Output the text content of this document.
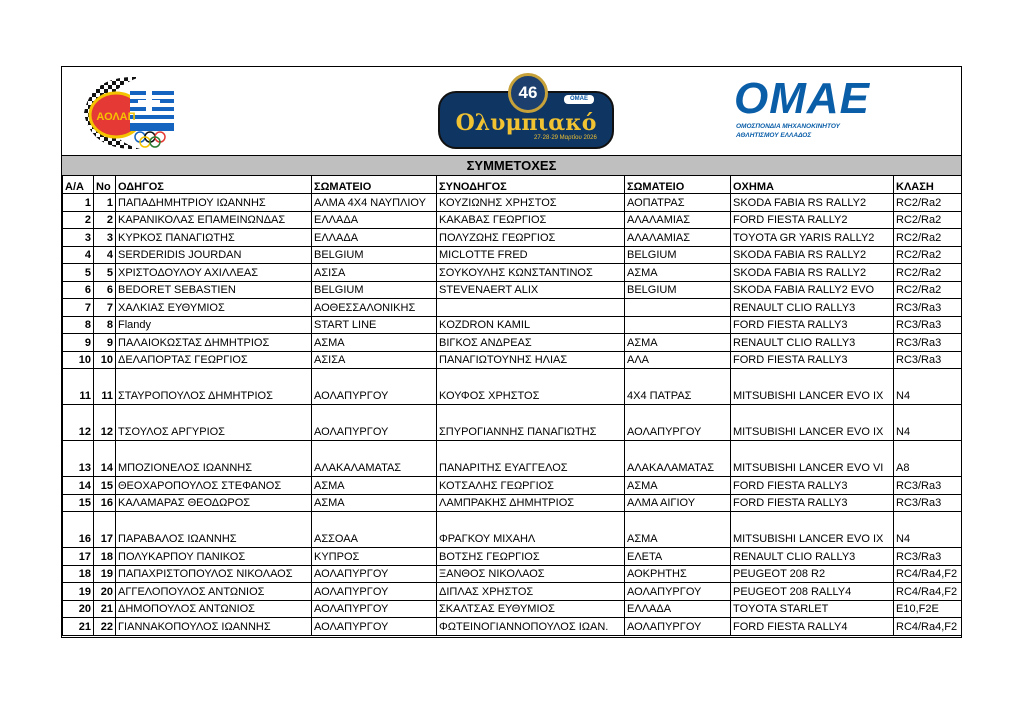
ΑΟΛΑΠ
OMAE
46
Ολυμπιακό
27·28·29 Μαρτίου 2026
OMAE
ΟΜΟΣΠΟΝΔΙΑ ΜΗΧΑΝΟΚΙΝΗΤΟΥ
ΑΘΛΗΤΙΣΜΟΥ ΕΛΛΑΔΟΣ
ΣΥΜΜΕΤΟΧΕΣ
Α/Α	No	ΟΔΗΓΟΣ	ΣΩΜΑΤΕΙΟ	ΣΥΝΟΔΗΓΟΣ	ΣΩΜΑΤΕΙΟ	ΟΧΗΜΑ	ΚΛΑΣΗ
1	1	ΠΑΠΑΔΗΜΗΤΡΙΟΥ ΙΩΑΝΝΗΣ	ΑΛΜΑ 4Χ4 ΝΑΥΠΛΙΟΥ	ΚΟΥΖΙΩΝΗΣ ΧΡΗΣΤΟΣ	ΑΟΠΑΤΡΑΣ	SKODA FABIA RS RALLY2	RC2/Ra2
2	2	ΚΑΡΑΝΙΚΟΛΑΣ ΕΠΑΜΕΙΝΩΝΔΑΣ	ΕΛΛΑΔΑ	ΚΑΚΑΒΑΣ ΓΕΩΡΓΙΟΣ	ΑΛΑΛΑΜΙΑΣ	FORD FIESTA RALLY2	RC2/Ra2
3	3	ΚΥΡΚΟΣ ΠΑΝΑΓΙΩΤΗΣ	ΕΛΛΑΔΑ	ΠΟΛΥΖΩΗΣ ΓΕΩΡΓΙΟΣ	ΑΛΑΛΑΜΙΑΣ	TOYOTA GR YARIS RALLY2	RC2/Ra2
4	4	SERDERIDIS JOURDAN	BELGIUM	MICLOTTE FRED	BELGIUM	SKODA FABIA RS RALLY2	RC2/Ra2
5	5	ΧΡΙΣΤΟΔΟΥΛΟΥ ΑΧΙΛΛΕΑΣ	ΑΣΙΣΑ	ΣΟΥΚΟΥΛΗΣ ΚΩΝΣΤΑΝΤΙΝΟΣ	ΑΣΜΑ	SKODA FABIA RS RALLY2	RC2/Ra2
6	6	BEDORET SEBASTIEN	BELGIUM	STEVENAERT ALIX	BELGIUM	SKODA FABIA RALLY2 EVO	RC2/Ra2
7	7	ΧΑΛΚΙΑΣ ΕΥΘΥΜΙΟΣ	ΑΟΘΕΣΣΑΛΟΝΙΚΗΣ			RENAULT CLIO RALLY3	RC3/Ra3
8	8	Flandy	START LINE	KOZDRON KAMIL		FORD FIESTA RALLY3	RC3/Ra3
9	9	ΠΑΛΑΙΟΚΩΣΤΑΣ ΔΗΜΗΤΡΙΟΣ	ΑΣΜΑ	ΒΙΓΚΟΣ ΑΝΔΡΕΑΣ	ΑΣΜΑ	RENAULT CLIO RALLY3	RC3/Ra3
10	10	ΔΕΛΑΠΟΡΤΑΣ ΓΕΩΡΓΙΟΣ	ΑΣΙΣΑ	ΠΑΝΑΓΙΩΤΟΥΝΗΣ ΗΛΙΑΣ	ΑΛΑ	FORD FIESTA RALLY3	RC3/Ra3
11	11	ΣΤΑΥΡΟΠΟΥΛΟΣ ΔΗΜΗΤΡΙΟΣ	ΑΟΛΑΠΥΡΓΟΥ	ΚΟΥΦΟΣ ΧΡΗΣΤΟΣ	4Χ4 ΠΑΤΡΑΣ	MITSUBISHI LANCER EVO IX	N4
12	12	ΤΣΟΥΛΟΣ ΑΡΓΥΡΙΟΣ	ΑΟΛΑΠΥΡΓΟΥ	ΣΠΥΡΟΓΙΑΝΝΗΣ ΠΑΝΑΓΙΩΤΗΣ	ΑΟΛΑΠΥΡΓΟΥ	MITSUBISHI LANCER EVO IX	N4
13	14	ΜΠΟΖΙΟΝΕΛΟΣ ΙΩΑΝΝΗΣ	ΑΛΑΚΑΛΑΜΑΤΑΣ	ΠΑΝΑΡΙΤΗΣ ΕΥΑΓΓΕΛΟΣ	ΑΛΑΚΑΛΑΜΑΤΑΣ	MITSUBISHI LANCER EVO VI	A8
14	15	ΘΕΟΧΑΡΟΠΟΥΛΟΣ ΣΤΕΦΑΝΟΣ	ΑΣΜΑ	ΚΟΤΣΑΛΗΣ ΓΕΩΡΓΙΟΣ	ΑΣΜΑ	FORD FIESTA RALLY3	RC3/Ra3
15	16	ΚΑΛΑΜΑΡΑΣ ΘΕΟΔΩΡΟΣ	ΑΣΜΑ	ΛΑΜΠΡΑΚΗΣ ΔΗΜΗΤΡΙΟΣ	ΑΛΜΑ ΑΙΓΙΟΥ	FORD FIESTA RALLY3	RC3/Ra3
16	17	ΠΑΡΑΒΑΛΟΣ ΙΩΑΝΝΗΣ	ΑΣΣΟΑΑ	ΦΡΑΓΚΟΥ ΜΙΧΑΗΛ	ΑΣΜΑ	MITSUBISHI LANCER EVO IX	N4
17	18	ΠΟΛΥΚΑΡΠΟΥ ΠΑΝΙΚΟΣ	ΚΥΠΡΟΣ	ΒΟΤΣΗΣ ΓΕΩΡΓΙΟΣ	ΕΛΕΤΑ	RENAULT CLIO RALLY3	RC3/Ra3
18	19	ΠΑΠΑΧΡΙΣΤΟΠΟΥΛΟΣ ΝΙΚΟΛΑΟΣ	ΑΟΛΑΠΥΡΓΟΥ	ΞΑΝΘΟΣ ΝΙΚΟΛΑΟΣ	ΑΟΚΡΗΤΗΣ	PEUGEOT 208 R2	RC4/Ra4,F2
19	20	ΑΓΓΕΛΟΠΟΥΛΟΣ ΑΝΤΩΝΙΟΣ	ΑΟΛΑΠΥΡΓΟΥ	ΔΙΠΛΑΣ ΧΡΗΣΤΟΣ	ΑΟΛΑΠΥΡΓΟΥ	PEUGEOT 208 RALLY4	RC4/Ra4,F2
20	21	ΔΗΜΟΠΟΥΛΟΣ ΑΝΤΩΝΙΟΣ	ΑΟΛΑΠΥΡΓΟΥ	ΣΚΑΛΤΣΑΣ ΕΥΘΥΜΙΟΣ	ΕΛΛΑΔΑ	TOYOTA STARLET	E10,F2E
21	22	ΓΙΑΝΝΑΚΟΠΟΥΛΟΣ ΙΩΑΝΝΗΣ	ΑΟΛΑΠΥΡΓΟΥ	ΦΩΤΕΙΝΟΓΙΑΝΝΟΠΟΥΛΟΣ ΙΩΑΝ.	ΑΟΛΑΠΥΡΓΟΥ	FORD FIESTA RALLY4	RC4/Ra4,F2
